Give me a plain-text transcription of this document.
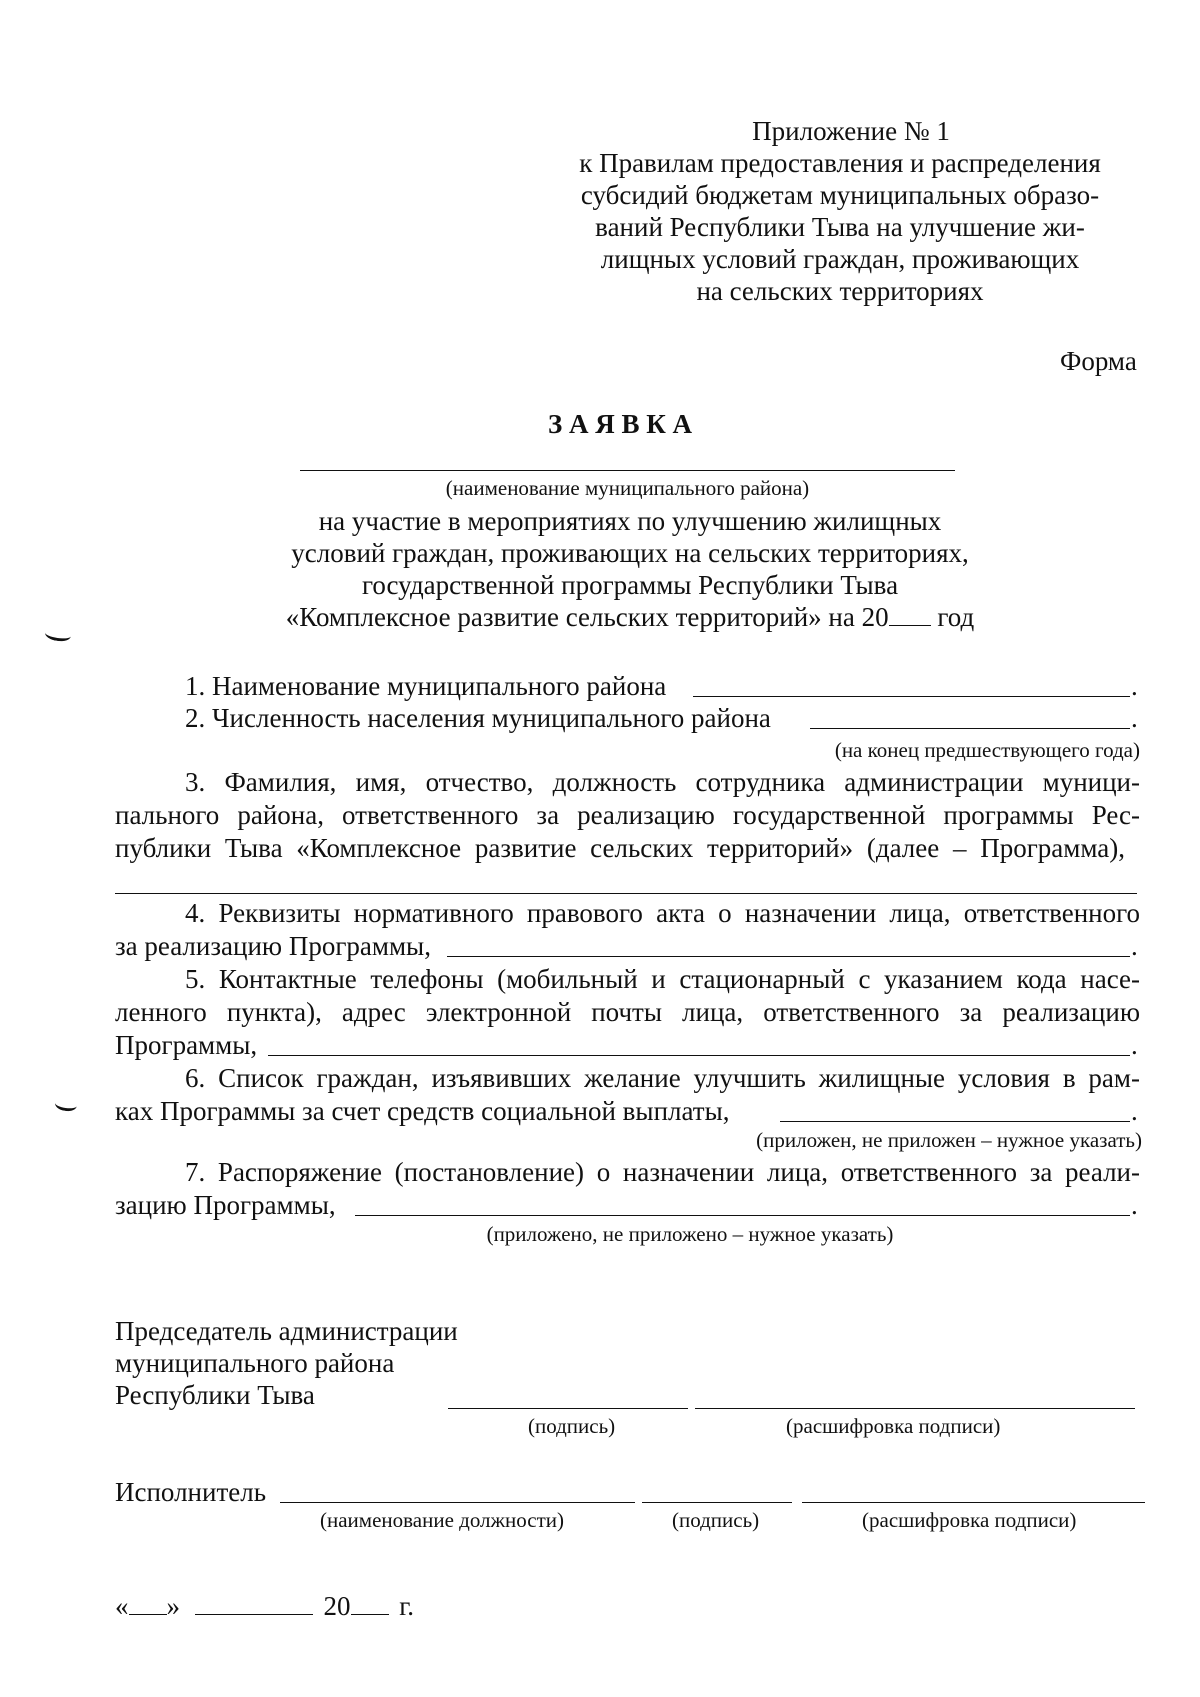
Приложение № 1
к Правилам предоставления и распределения
субсидий бюджетам муниципальных образо-
ваний Республики Тыва на улучшение жи-
лищных условий граждан, проживающих
на сельских территориях
Форма
З А Я В К А
(наименование муниципального района)
на участие в мероприятиях по улучшению жилищных
условий граждан, проживающих на сельских территориях,
государственной программы Республики Тыва
«Комплексное развитие сельских территорий» на 20 год
1. Наименование муниципального района	.
2. Численность населения муниципального района	.
(на конец предшествующего года)
3. Фамилия, имя, отчество, должность сотрудника администрации муници-
пального района, ответственного за реализацию государственной программы Рес-
публики Тыва «Комплексное развитие сельских территорий» (далее – Программа),
4. Реквизиты нормативного правового акта о назначении лица, ответственного
за реализацию Программы,	.
5. Контактные телефоны (мобильный и стационарный с указанием кода насе-
ленного пункта), адрес электронной почты лица, ответственного за реализацию
Программы,	.
6. Список граждан, изъявивших желание улучшить жилищные условия в рам-
ках Программы за счет средств социальной выплаты,	.
(приложен, не приложен – нужное указать)
7. Распоряжение (постановление) о назначении лица, ответственного за реали-
зацию Программы,	.
(приложено, не приложено – нужное указать)
Председатель администрации
муниципального района
Республики Тыва
(подпись)	(расшифровка подписи)
Исполнитель
(наименование должности)	(подпись)	(расшифровка подписи)
« »	20 г.
